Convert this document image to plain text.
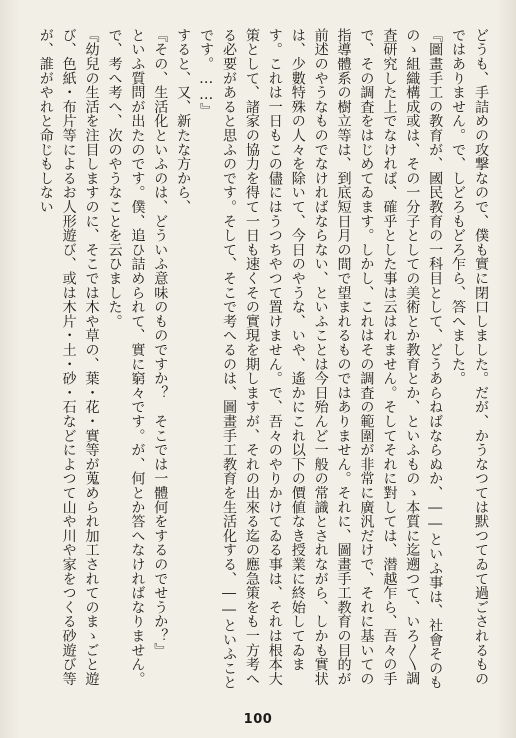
どうも、手詰めの攻撃なので、僕も實に閉口しました。だが、かうなつては默つてゐて過ごされるものではありません。で、しどろもどろ乍ら、答へました。

『圖畫手工の教育が、國民教育の一科目として、どうあらねばならぬか、――といふ事は、社會そのものゝ組織構成或は、その一分子としての美術とか教育とか、といふものゝ本質に迄遡つて、いろ〳〵調査研究した上でなければ、確乎とした事は云はれません。そしてそれに對しては、潜越乍ら、吾々の手で、その調査をはじめてゐます。しかし、これはその調査の範圍が非常に廣汎だけで、それに基いての指導體系の樹立等は、到底短日月の間で望まれるものではありません。それに、圖畫手工教育の目的が前述のやうなものでなければならない、といふことは今日殆んど一般の常識とされながら、しかも實状は、少數特殊の人々を除いて、今日のやうな、いや、遙かにこれ以下の價値なき授業に終始してゐます。これは一日もこの儘にはうつちやつて置けません。で、吾々のやりかけてゐる事は、それは根本大策として、諸家の協力を得て一日も速くその實現を期しますが、それの出來る迄の應急策をも一方考へる必要があると思ふのです。そして、そこで考へるのは、圖畫手工教育を生活化する、――といふことです。……』

すると、又、新たな方から、

『その、生活化といふのは、どういふ意味のものですか？　そこでは一體何をするのでせうか？』

といふ質問が出たのです。僕、追ひ詰められて、實に窮々です。が、何とか答へなければなりません。で、考へ考へ、次のやうなことを云ひました。

『幼兒の生活を注目しますのに、そこでは木や草の、葉・花・實等が蒐められ加工されてのまゝごと遊び、色紙・布片等によるお人形遊び、或は木片・土・砂・石などによつて山や川や家をつくる砂遊び等が、誰がやれと命じもしない

100
